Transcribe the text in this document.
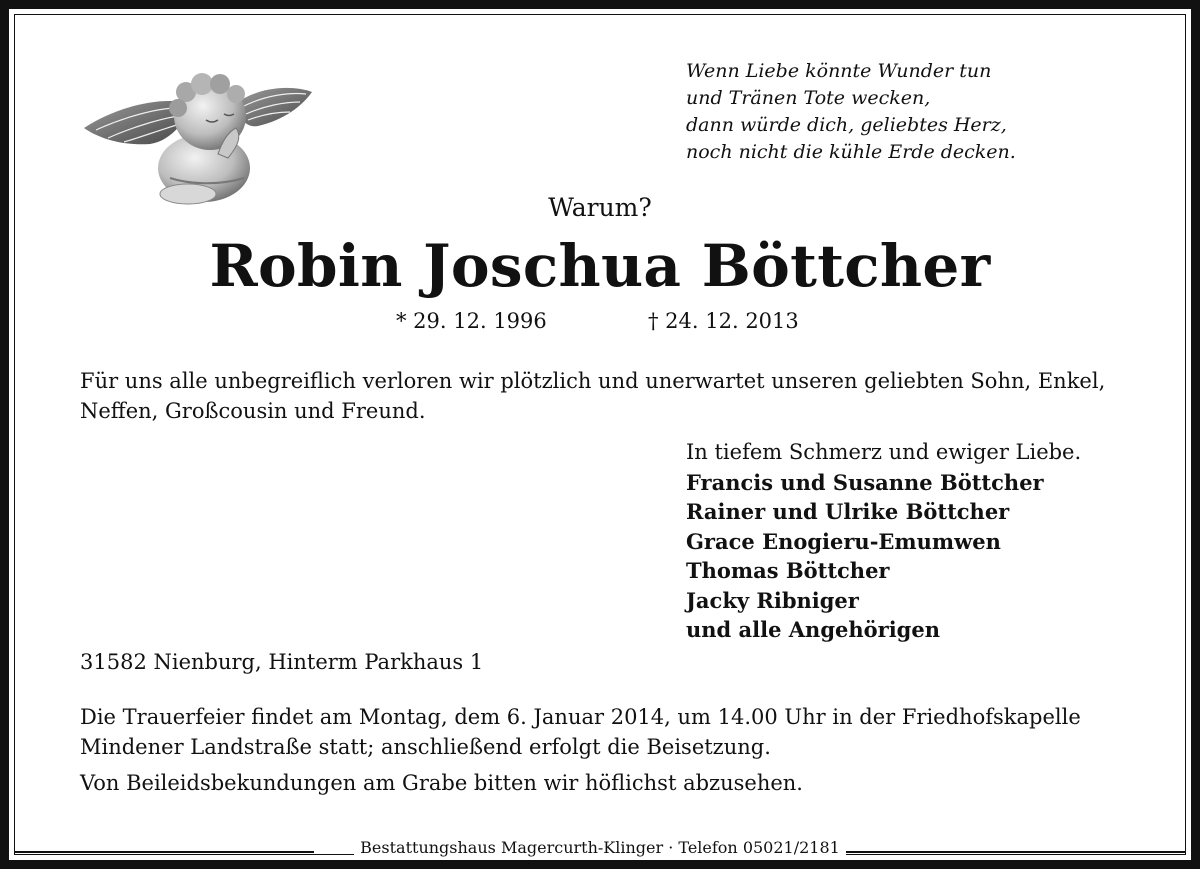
Wenn Liebe könnte Wunder tun
und Tränen Tote wecken,
dann würde dich, geliebtes Herz,
noch nicht die kühle Erde decken.
Warum?
Robin Joschua Böttcher
* 29. 12. 1996	† 24. 12. 2013
Für uns alle unbegreiflich verloren wir plötzlich und unerwartet unseren geliebten Sohn, Enkel, Neffen, Großcousin und Freund.
In tiefem Schmerz und ewiger Liebe.
Francis und Susanne Böttcher
Rainer und Ulrike Böttcher
Grace Enogieru-Emumwen
Thomas Böttcher
Jacky Ribniger
und alle Angehörigen
31582 Nienburg, Hinterm Parkhaus 1
Die Trauerfeier findet am Montag, dem 6. Januar 2014, um 14.00 Uhr in der Friedhofskapelle Mindener Landstraße statt; anschließend erfolgt die Beisetzung.
Von Beileidsbekundungen am Grabe bitten wir höflichst abzusehen.
Bestattungshaus Magercurth-Klinger · Telefon 05021/2181
